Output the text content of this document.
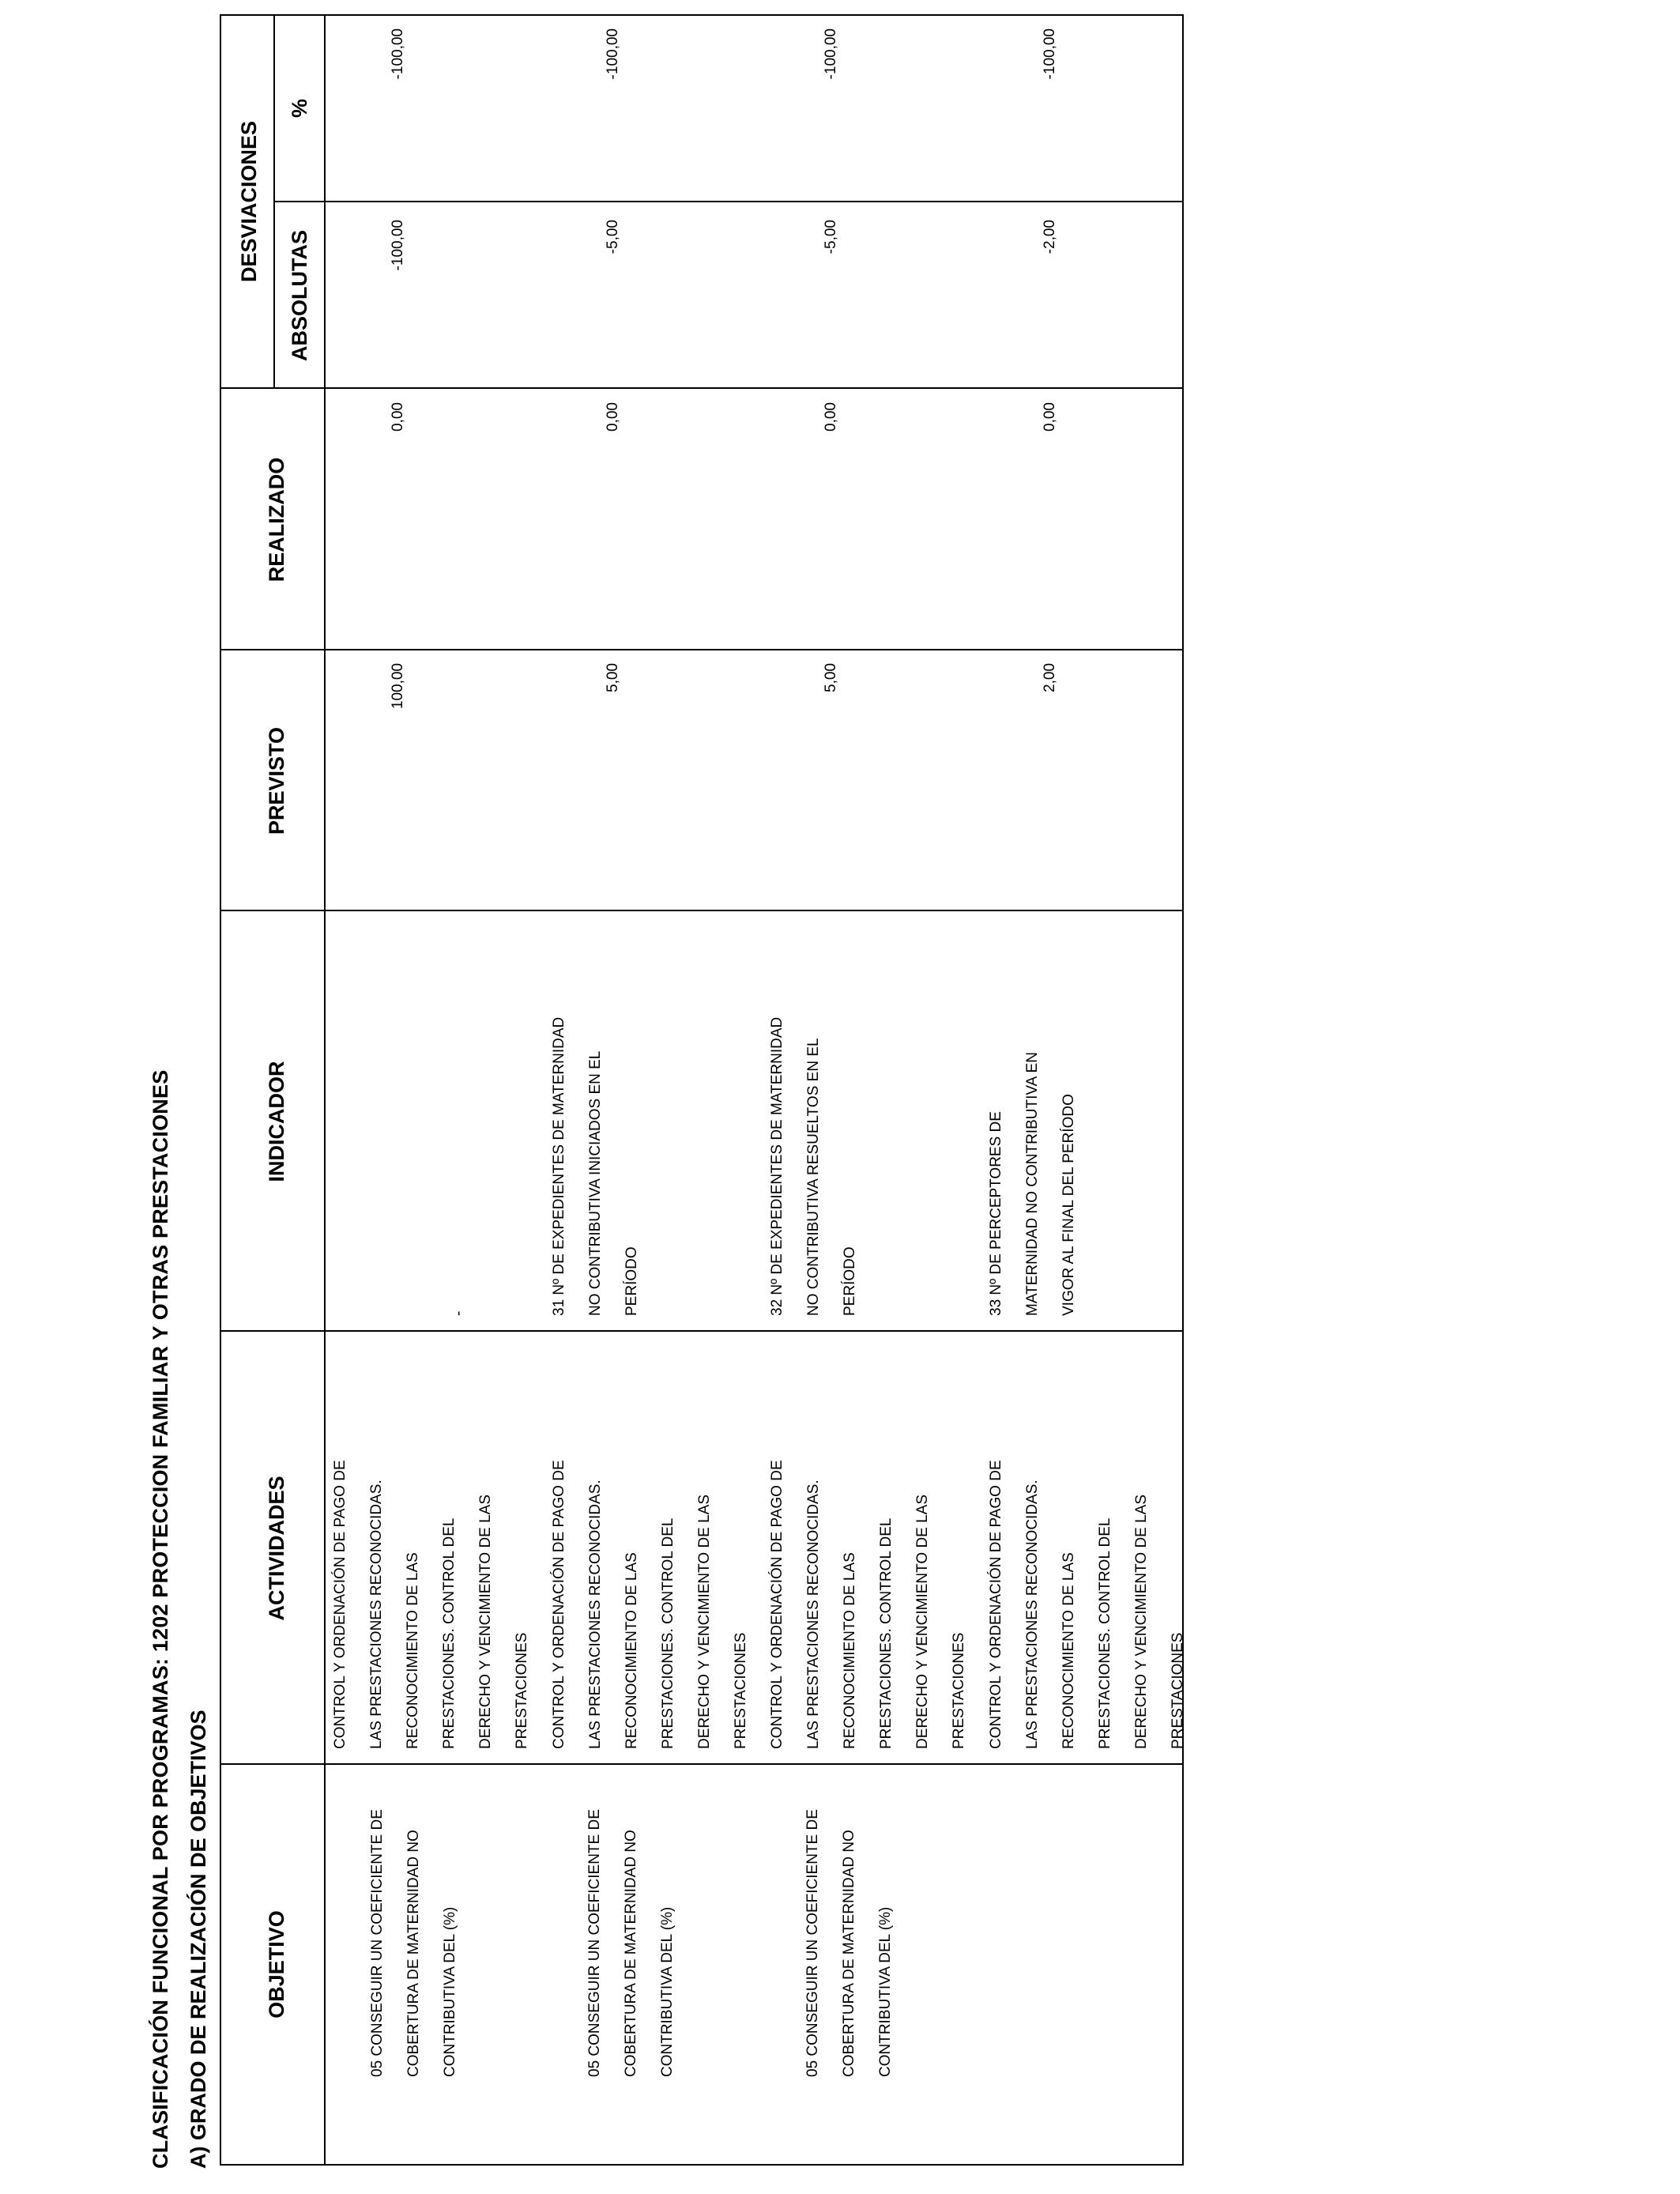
CLASIFICACIÓN FUNCIONAL POR PROGRAMAS: 1202 PROTECCION FAMILIAR Y OTRAS PRESTACIONES A) GRADO DE REALIZACIÓN DE OBJETIVOS	OBJETIVO
ACTIVIDADES
INDICADOR
PREVISTO
REALIZADO
DESVIACIONES
ABSOLUTAS
%
05 CONSEGUIR UN COEFICIENTE DE
COBERTURA DE MATERNIDAD NO
CONTRIBUTIVA DEL (%)
CONTROL Y ORDENACIÓN DE PAGO DE
LAS PRESTACIONES RECONOCIDAS.
RECONOCIMIENTO DE LAS
PRESTACIONES. CONTROL DEL
DERECHO Y VENCIMIENTO DE LAS
PRESTACIONES
-
100,00
0,00
-100,00
-100,00
05 CONSEGUIR UN COEFICIENTE DE
COBERTURA DE MATERNIDAD NO
CONTRIBUTIVA DEL (%)
CONTROL Y ORDENACIÓN DE PAGO DE
LAS PRESTACIONES RECONOCIDAS.
RECONOCIMIENTO DE LAS
PRESTACIONES. CONTROL DEL
DERECHO Y VENCIMIENTO DE LAS
PRESTACIONES
31 Nº DE EXPEDIENTES DE MATERNIDAD
NO CONTRIBUTIVA INICIADOS EN EL
PERÍODO
5,00
0,00
-5,00
-100,00
05 CONSEGUIR UN COEFICIENTE DE
COBERTURA DE MATERNIDAD NO
CONTRIBUTIVA DEL (%)
CONTROL Y ORDENACIÓN DE PAGO DE
LAS PRESTACIONES RECONOCIDAS.
RECONOCIMIENTO DE LAS
PRESTACIONES. CONTROL DEL
DERECHO Y VENCIMIENTO DE LAS
PRESTACIONES
32 Nº DE EXPEDIENTES DE MATERNIDAD
NO CONTRIBUTIVA RESUELTOS EN EL
PERÍODO
5,00
0,00
-5,00
-100,00
CONTROL Y ORDENACIÓN DE PAGO DE
LAS PRESTACIONES RECONOCIDAS.
RECONOCIMIENTO DE LAS
PRESTACIONES. CONTROL DEL
DERECHO Y VENCIMIENTO DE LAS
PRESTACIONES
33 Nº DE PERCEPTORES DE
MATERNIDAD NO CONTRIBUTIVA EN
VIGOR AL FINAL DEL PERÍODO
2,00
0,00
-2,00
-100,00
